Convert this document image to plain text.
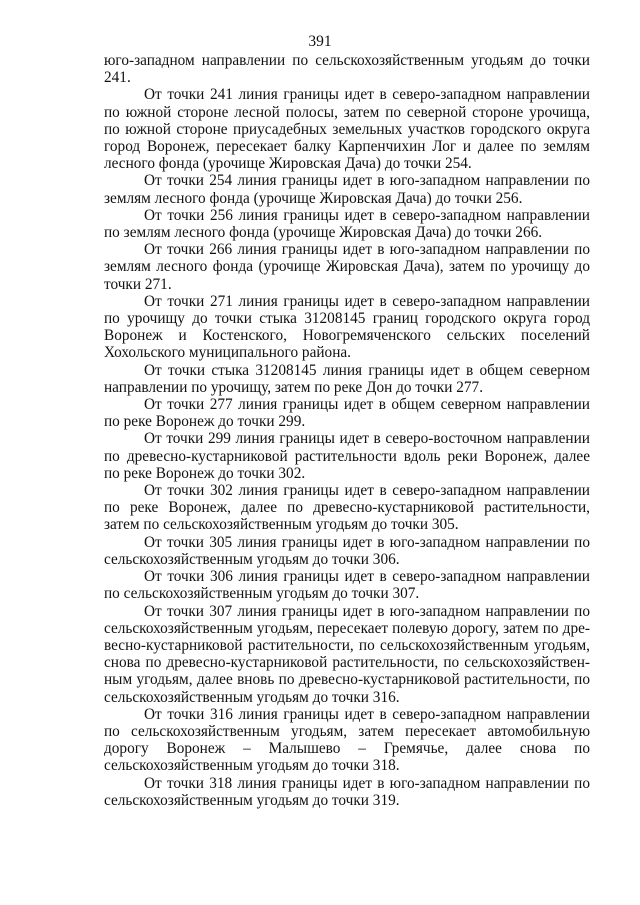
391

юго-западном направлении по сельскохозяйственным угодьям до точки 241.

От точки 241 линия границы идет в северо-западном направлении по южной стороне лесной полосы, затем по северной стороне урочища, по южной стороне приусадебных земельных участков городского округа город Воронеж, пересекает балку Карпенчихин Лог и далее по землям лесного фонда (урочище Жировская Дача) до точки 254.

От точки 254 линия границы идет в юго-западном направлении по землям лесного фонда (урочище Жировская Дача) до точки 256.

От точки 256 линия границы идет в северо-западном направлении по землям лесного фонда (урочище Жировская Дача) до точки 266.

От точки 266 линия границы идет в юго-западном направлении по землям лесного фонда (урочище Жировская Дача), затем по урочищу до точки 271.

От точки 271 линия границы идет в северо-западном направлении по урочищу до точки стыка 31208145 границ городского округа город Воронеж и Костенского, Новогремяченского сельских поселений Хохольского муниципального района.

От точки стыка 31208145 линия границы идет в общем северном направлении по урочищу, затем по реке Дон до точки 277.

От точки 277 линия границы идет в общем северном направлении по реке Воронеж до точки 299.

От точки 299 линия границы идет в северо-восточном направлении по древесно-кустарниковой растительности вдоль реки Воронеж, далее по реке Воронеж до точки 302.

От точки 302 линия границы идет в северо-западном направлении по реке Воронеж, далее по древесно-кустарниковой растительности, затем по сельскохозяйственным угодьям до точки 305.

От точки 305 линия границы идет в юго-западном направлении по сельскохозяйственным угодьям до точки 306.

От точки 306 линия границы идет в северо-западном направлении по сельскохозяйственным угодьям до точки 307.

От точки 307 линия границы идет в юго-западном направлении по сельскохозяйственным угодьям, пересекает полевую дорогу, затем по древесно-кустарниковой растительности, по сельскохозяйственным угодьям, снова по древесно-кустарниковой растительности, по сельскохозяйственным угодьям, далее вновь по древесно-кустарниковой растительности, по сельскохозяйственным угодьям до точки 316.

От точки 316 линия границы идет в северо-западном направлении по сельскохозяйственным угодьям, затем пересекает автомобильную дорогу Воронеж – Малышево – Гремячье, далее снова по сельскохозяйственным угодьям до точки 318.

От точки 318 линия границы идет в юго-западном направлении по сельскохозяйственным угодьям до точки 319.
